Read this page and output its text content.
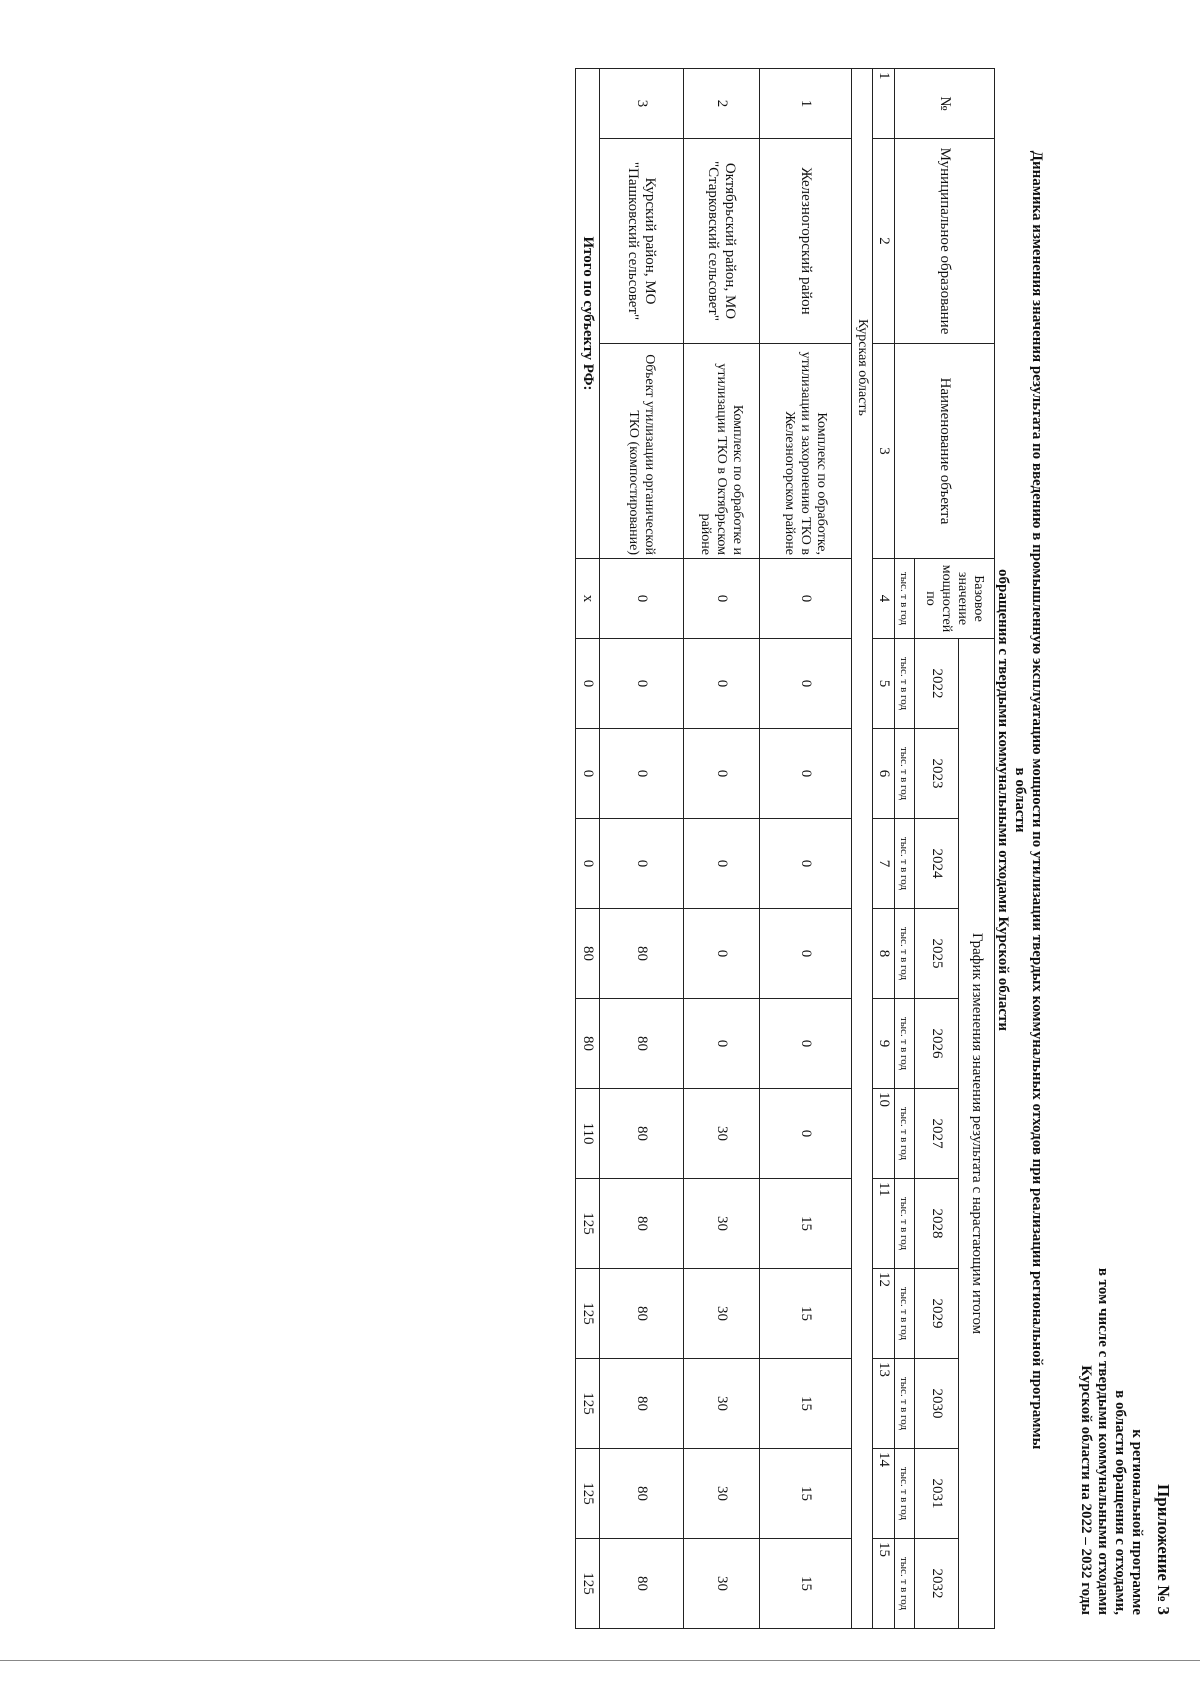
Приложение № 3
к региональной программе
в области обращения с отходами,
в том числе с твердыми коммунальными отходами
Курской области на 2022 – 2032 годы
Динамика изменения значения результата по введению в промышленную эксплуатацию мощности по утилизации твердых коммунальных отходов при реализации региональной программы в области
обращения с твердыми коммунальными отходами Курской области
№	Муниципальное образование	Наименование объекта	Базовое значение мощностей по	График изменения значения результата с нарастающим итогом										
				2022	2023	2024	2025	2026	2027	2028	2029	2030	2031	2032
			тыс. т в год	тыс. т в год	тыс. т в год	тыс. т в год	тыс. т в год	тыс. т в год	тыс. т в год	тыс. т в год	тыс. т в год	тыс. т в год	тыс. т в год	тыс. т в год
1	2	3	4	5	6	7	8	9	10	11	12	13	14	15
Курская область														
1	Железногорский район	Комплекс по обработке, утилизации и захоронению ТКО в Железногорском районе	0	0	0	0	0	0	0	15	15	15	15	15
2	Октябрьский район, МО "Старковский сельсовет"	Комплекс по обработке и утилизации ТКО в Октябрьском районе	0	0	0	0	0	0	30	30	30	30	30	30
3	Курский район, МО "Пашковский сельсовет"	Объект утилизации органической ТКО (компостирование)	0	0	0	0	80	80	80	80	80	80	80	80
Итого по субъекту РФ:			х	0	0	0	80	80	110	125	125	125	125	125
